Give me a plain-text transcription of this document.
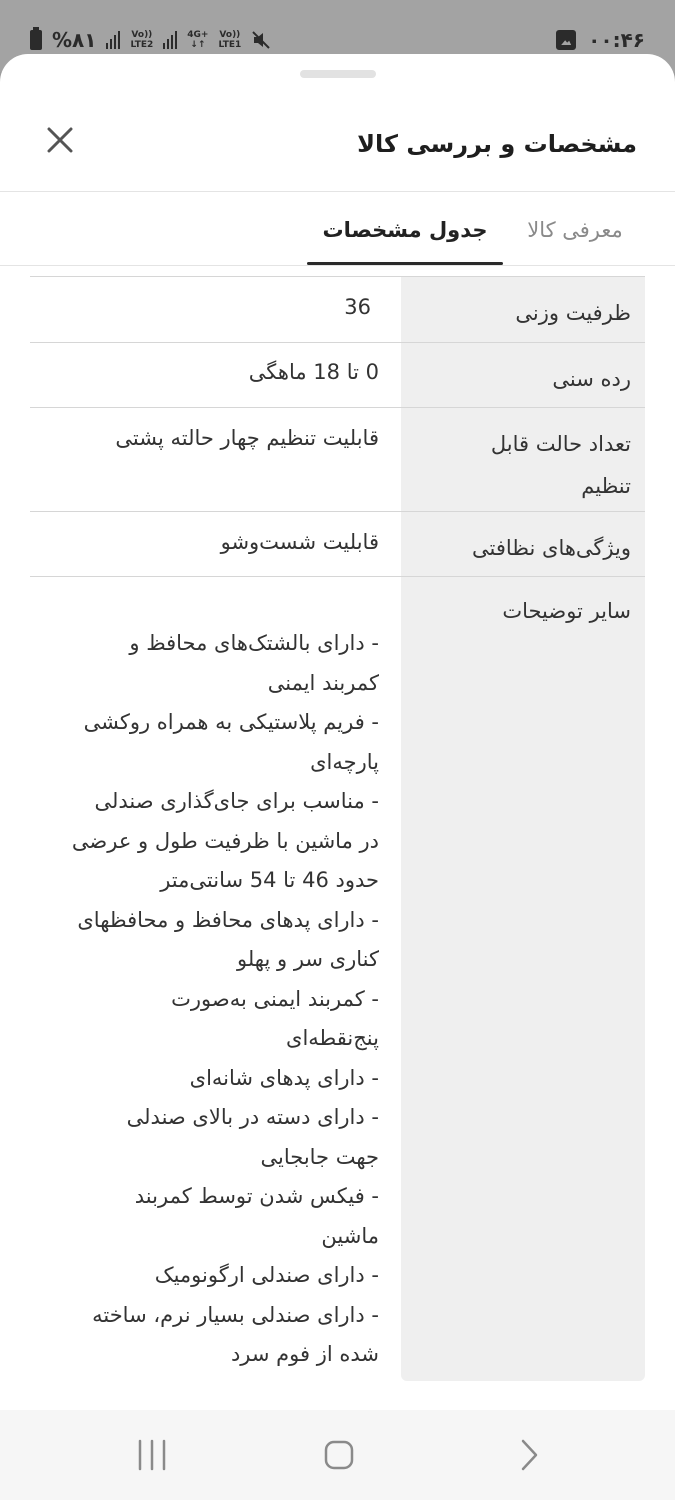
%۸۱	Vo))
LTE2
4G+
↓↑
Vo))
LTE1	۰۰:۴۶
مشخصات و بررسی کالا
معرفی کالا
جدول مشخصات
ظرفیت وزنی
36
رده سنی
0 تا 18 ماهگی
تعداد حالت قابل
تنظیم
قابلیت تنظیم چهار حالته پشتی
ویژگی‌های نظافتی
قابلیت شست‌وشو
سایر توضیحات
- دارای بالشتک‌های محافظ و
کمربند ایمنی
- فریم پلاستیکی به همراه روکشی
پارچه‌ای
- مناسب برای جای‌گذاری صندلی
در ماشین با ظرفیت طول و عرضی
حدود 46 تا 54 سانتی‌متر
- دارای پدهای محافظ و محافظهای
کناری سر و پهلو
- کمربند ایمنی به‌صورت
پنج‌نقطه‌ای
- دارای پدهای شانه‌ای
- دارای دسته در بالای صندلی
جهت جابجایی
- فیکس شدن توسط کمربند
ماشین
- دارای صندلی ارگونومیک
- دارای صندلی بسیار نرم، ساخته
شده از فوم سرد
